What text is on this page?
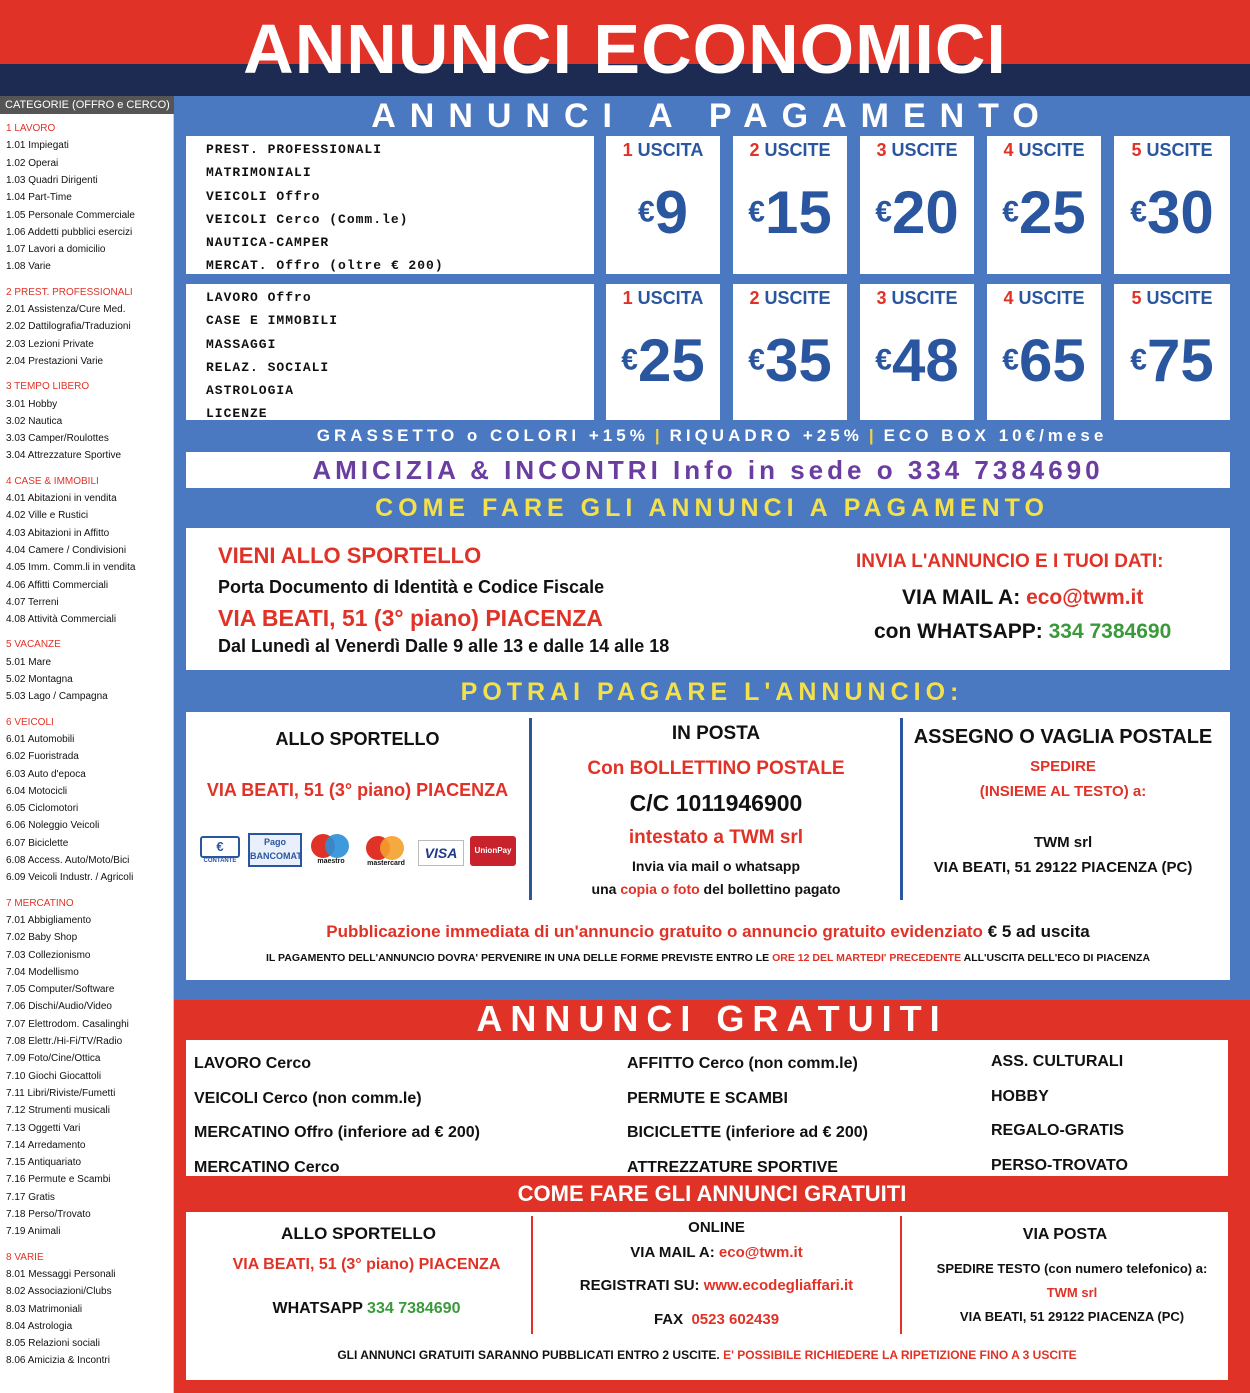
ANNUNCI ECONOMICI
CATEGORIE (OFFRO e CERCO)
1 LAVORO
1.01 Impiegati
1.02 Operai
1.03 Quadri Dirigenti
1.04 Part-Time
1.05 Personale Commerciale
1.06 Addetti pubblici esercizi
1.07 Lavori a domicilio
1.08 Varie
2 PREST. PROFESSIONALI
2.01 Assistenza/Cure Med.
2.02 Dattilografia/Traduzioni
2.03 Lezioni Private
2.04 Prestazioni Varie
3 TEMPO LIBERO
3.01 Hobby
3.02 Nautica
3.03 Camper/Roulottes
3.04 Attrezzature Sportive
4 CASE & IMMOBILI
4.01 Abitazioni in vendita
4.02 Ville e Rustici
4.03 Abitazioni in Affitto
4.04 Camere / Condivisioni
4.05 Imm. Comm.li in vendita
4.06 Affitti Commerciali
4.07 Terreni
4.08 Attività Commerciali
5 VACANZE
5.01 Mare
5.02 Montagna
5.03 Lago / Campagna
6 VEICOLI
6.01 Automobili
6.02 Fuoristrada
6.03 Auto d'epoca
6.04 Motocicli
6.05 Ciclomotori
6.06 Noleggio Veicoli
6.07 Biciclette
6.08 Access. Auto/Moto/Bici
6.09 Veicoli Industr. / Agricoli
7 MERCATINO
7.01 Abbigliamento
7.02 Baby Shop
7.03 Collezionismo
7.04 Modellismo
7.05 Computer/Software
7.06 Dischi/Audio/Video
7.07 Elettrodom. Casalinghi
7.08 Elettr./Hi-Fi/TV/Radio
7.09 Foto/Cine/Ottica
7.10 Giochi Giocattoli
7.11 Libri/Riviste/Fumetti
7.12 Strumenti musicali
7.13 Oggetti Vari
7.14 Arredamento
7.15 Antiquariato
7.16 Permute e Scambi
7.17 Gratis
7.18 Perso/Trovato
7.19 Animali
8 VARIE
8.01 Messaggi Personali
8.02 Associazioni/Clubs
8.03 Matrimoniali
8.04 Astrologia
8.05 Relazioni sociali
8.06 Amicizia & Incontri
ANNUNCI A PAGAMENTO
PREST. PROFESSIONALI
MATRIMONIALI
VEICOLI Offro
VEICOLI Cerco (Comm.le)
NAUTICA-CAMPER
MERCAT. Offro (oltre € 200)
1 USCITA
€9
2 USCITE
€15
3 USCITE
€20
4 USCITE
€25
5 USCITE
€30
LAVORO Offro
CASE E IMMOBILI
MASSAGGI
RELAZ. SOCIALI
ASTROLOGIA
LICENZE
1 USCITA
€25
2 USCITE
€35
3 USCITE
€48
4 USCITE
€65
5 USCITE
€75
GRASSETTO o COLORI +15% | RIQUADRO +25% | ECO BOX 10€/mese
AMICIZIA & INCONTRI Info in sede o 334 7384690
COME FARE GLI ANNUNCI A PAGAMENTO
VIENI ALLO SPORTELLO
Porta Documento di Identità e Codice Fiscale
VIA BEATI, 51 (3° piano) PIACENZA
Dal Lunedì al Venerdì Dalle 9 alle 13 e dalle 14 alle 18
INVIA L'ANNUNCIO E I TUOI DATI:
VIA MAIL A: eco@twm.it
con WHATSAPP: 334 7384690
POTRAI PAGARE L'ANNUNCIO:
ALLO SPORTELLO
VIA BEATI, 51 (3° piano) PIACENZA
€
CONTANTE
Pago BANCOMAT
maestro	mastercard
VISA	UnionPay
IN POSTA
Con BOLLETTINO POSTALE
C/C 1011946900
intestato a TWM srl
Invia via mail o whatsapp
una copia o foto del bollettino pagato
ASSEGNO O VAGLIA POSTALE
SPEDIRE
(INSIEME AL TESTO) a:
TWM srl
VIA BEATI, 51 29122 PIACENZA (PC)
Pubblicazione immediata di un'annuncio gratuito o annuncio gratuito evidenziato € 5 ad uscita
IL PAGAMENTO DELL'ANNUNCIO DOVRA' PERVENIRE IN UNA DELLE FORME PREVISTE ENTRO LE ORE 12 DEL MARTEDI' PRECEDENTE ALL'USCITA DELL'ECO DI PIACENZA
ANNUNCI GRATUITI
LAVORO Cerco
VEICOLI Cerco (non comm.le)
MERCATINO Offro (inferiore ad € 200)
MERCATINO Cerco
AFFITTO Cerco (non comm.le)
PERMUTE E SCAMBI
BICICLETTE (inferiore ad € 200)
ATTREZZATURE SPORTIVE
ASS. CULTURALI
HOBBY
REGALO-GRATIS
PERSO-TROVATO
COME FARE GLI ANNUNCI GRATUITI
ALLO SPORTELLO
VIA BEATI, 51 (3° piano) PIACENZA
WHATSAPP 334 7384690
ONLINE
VIA MAIL A: eco@twm.it
REGISTRATI SU: www.ecodegliaffari.it
FAX 0523 602439
VIA POSTA
SPEDIRE TESTO (con numero telefonico) a:
TWM srl
VIA BEATI, 51 29122 PIACENZA (PC)
GLI ANNUNCI GRATUITI SARANNO PUBBLICATI ENTRO 2 USCITE. E' POSSIBILE RICHIEDERE LA RIPETIZIONE FINO A 3 USCITE
